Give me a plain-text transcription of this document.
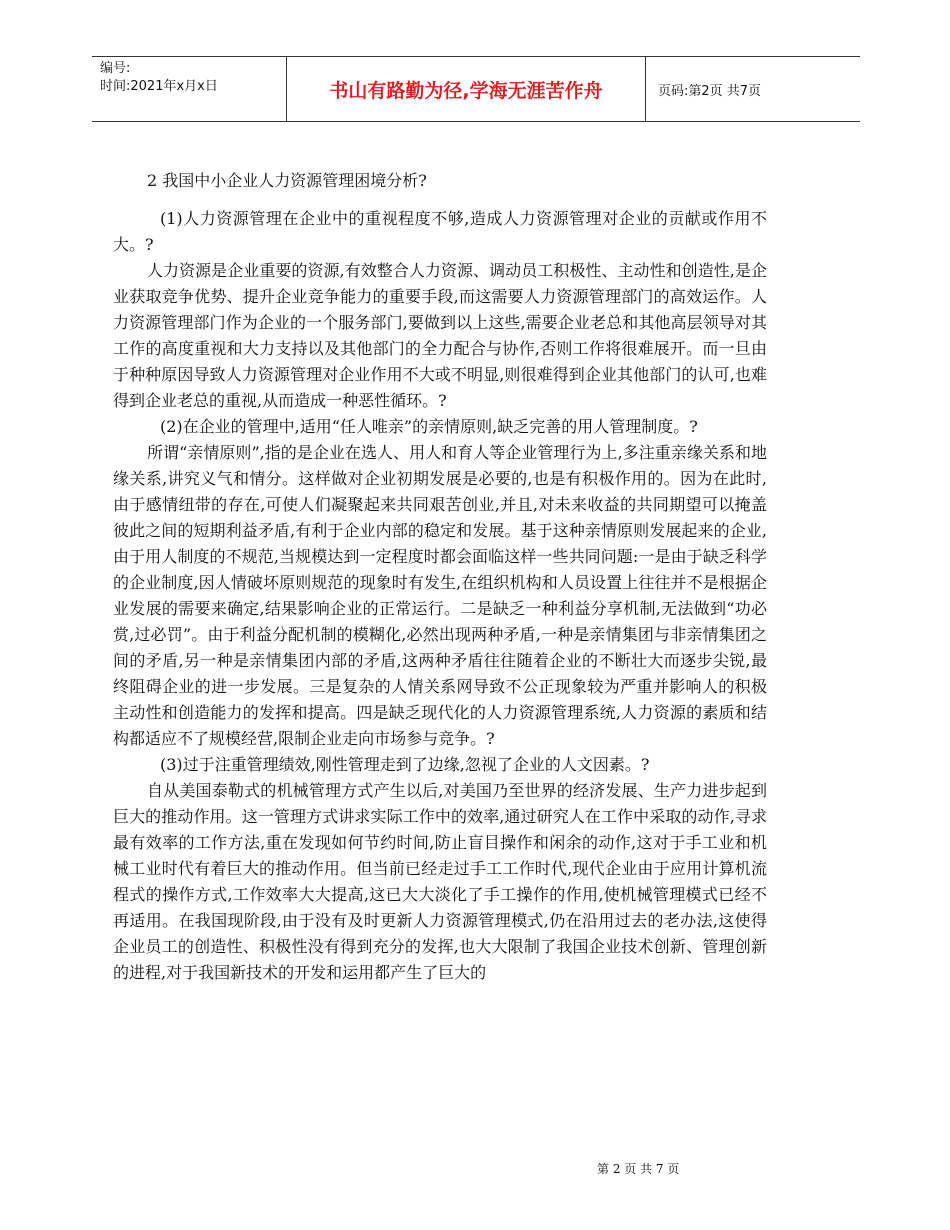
编号:
时间:2021年x月x日	书山有路勤为径,学海无涯苦作舟	页码:第2页 共7页

2 我国中小企业人力资源管理困境分析?

(1)人力资源管理在企业中的重视程度不够,造成人力资源管理对企业的贡献或作用不大。?

人力资源是企业重要的资源,有效整合人力资源、调动员工积极性、主动性和创造性,是企业获取竞争优势、提升企业竞争能力的重要手段,而这需要人力资源管理部门的高效运作。人力资源管理部门作为企业的一个服务部门,要做到以上这些,需要企业老总和其他高层领导对其工作的高度重视和大力支持以及其他部门的全力配合与协作,否则工作将很难展开。而一旦由于种种原因导致人力资源管理对企业作用不大或不明显,则很难得到企业其他部门的认可,也难得到企业老总的重视,从而造成一种恶性循环。?

(2)在企业的管理中,适用“任人唯亲”的亲情原则,缺乏完善的用人管理制度。?

所谓“亲情原则”,指的是企业在选人、用人和育人等企业管理行为上,多注重亲缘关系和地缘关系,讲究义气和情分。这样做对企业初期发展是必要的,也是有积极作用的。因为在此时,由于感情纽带的存在,可使人们凝聚起来共同艰苦创业,并且,对未来收益的共同期望可以掩盖彼此之间的短期利益矛盾,有利于企业内部的稳定和发展。基于这种亲情原则发展起来的企业,由于用人制度的不规范,当规模达到一定程度时都会面临这样一些共同问题:一是由于缺乏科学的企业制度,因人情破坏原则规范的现象时有发生,在组织机构和人员设置上往往并不是根据企业发展的需要来确定,结果影响企业的正常运行。二是缺乏一种利益分享机制,无法做到“功必赏,过必罚”。由于利益分配机制的模糊化,必然出现两种矛盾,一种是亲情集团与非亲情集团之间的矛盾,另一种是亲情集团内部的矛盾,这两种矛盾往往随着企业的不断壮大而逐步尖锐,最终阻碍企业的进一步发展。三是复杂的人情关系网导致不公正现象较为严重并影响人的积极主动性和创造能力的发挥和提高。四是缺乏现代化的人力资源管理系统,人力资源的素质和结构都适应不了规模经营,限制企业走向市场参与竞争。?

(3)过于注重管理绩效,刚性管理走到了边缘,忽视了企业的人文因素。?

自从美国泰勒式的机械管理方式产生以后,对美国乃至世界的经济发展、生产力进步起到巨大的推动作用。这一管理方式讲求实际工作中的效率,通过研究人在工作中采取的动作,寻求最有效率的工作方法,重在发现如何节约时间,防止盲目操作和闲余的动作,这对于手工业和机械工业时代有着巨大的推动作用。但当前已经走过手工工作时代,现代企业由于应用计算机流程式的操作方式,工作效率大大提高,这已大大淡化了手工操作的作用,使机械管理模式已经不再适用。在我国现阶段,由于没有及时更新人力资源管理模式,仍在沿用过去的老办法,这使得企业员工的创造性、积极性没有得到充分的发挥,也大大限制了我国企业技术创新、管理创新的进程,对于我国新技术的开发和运用都产生了巨大的

第 2 页 共 7 页
